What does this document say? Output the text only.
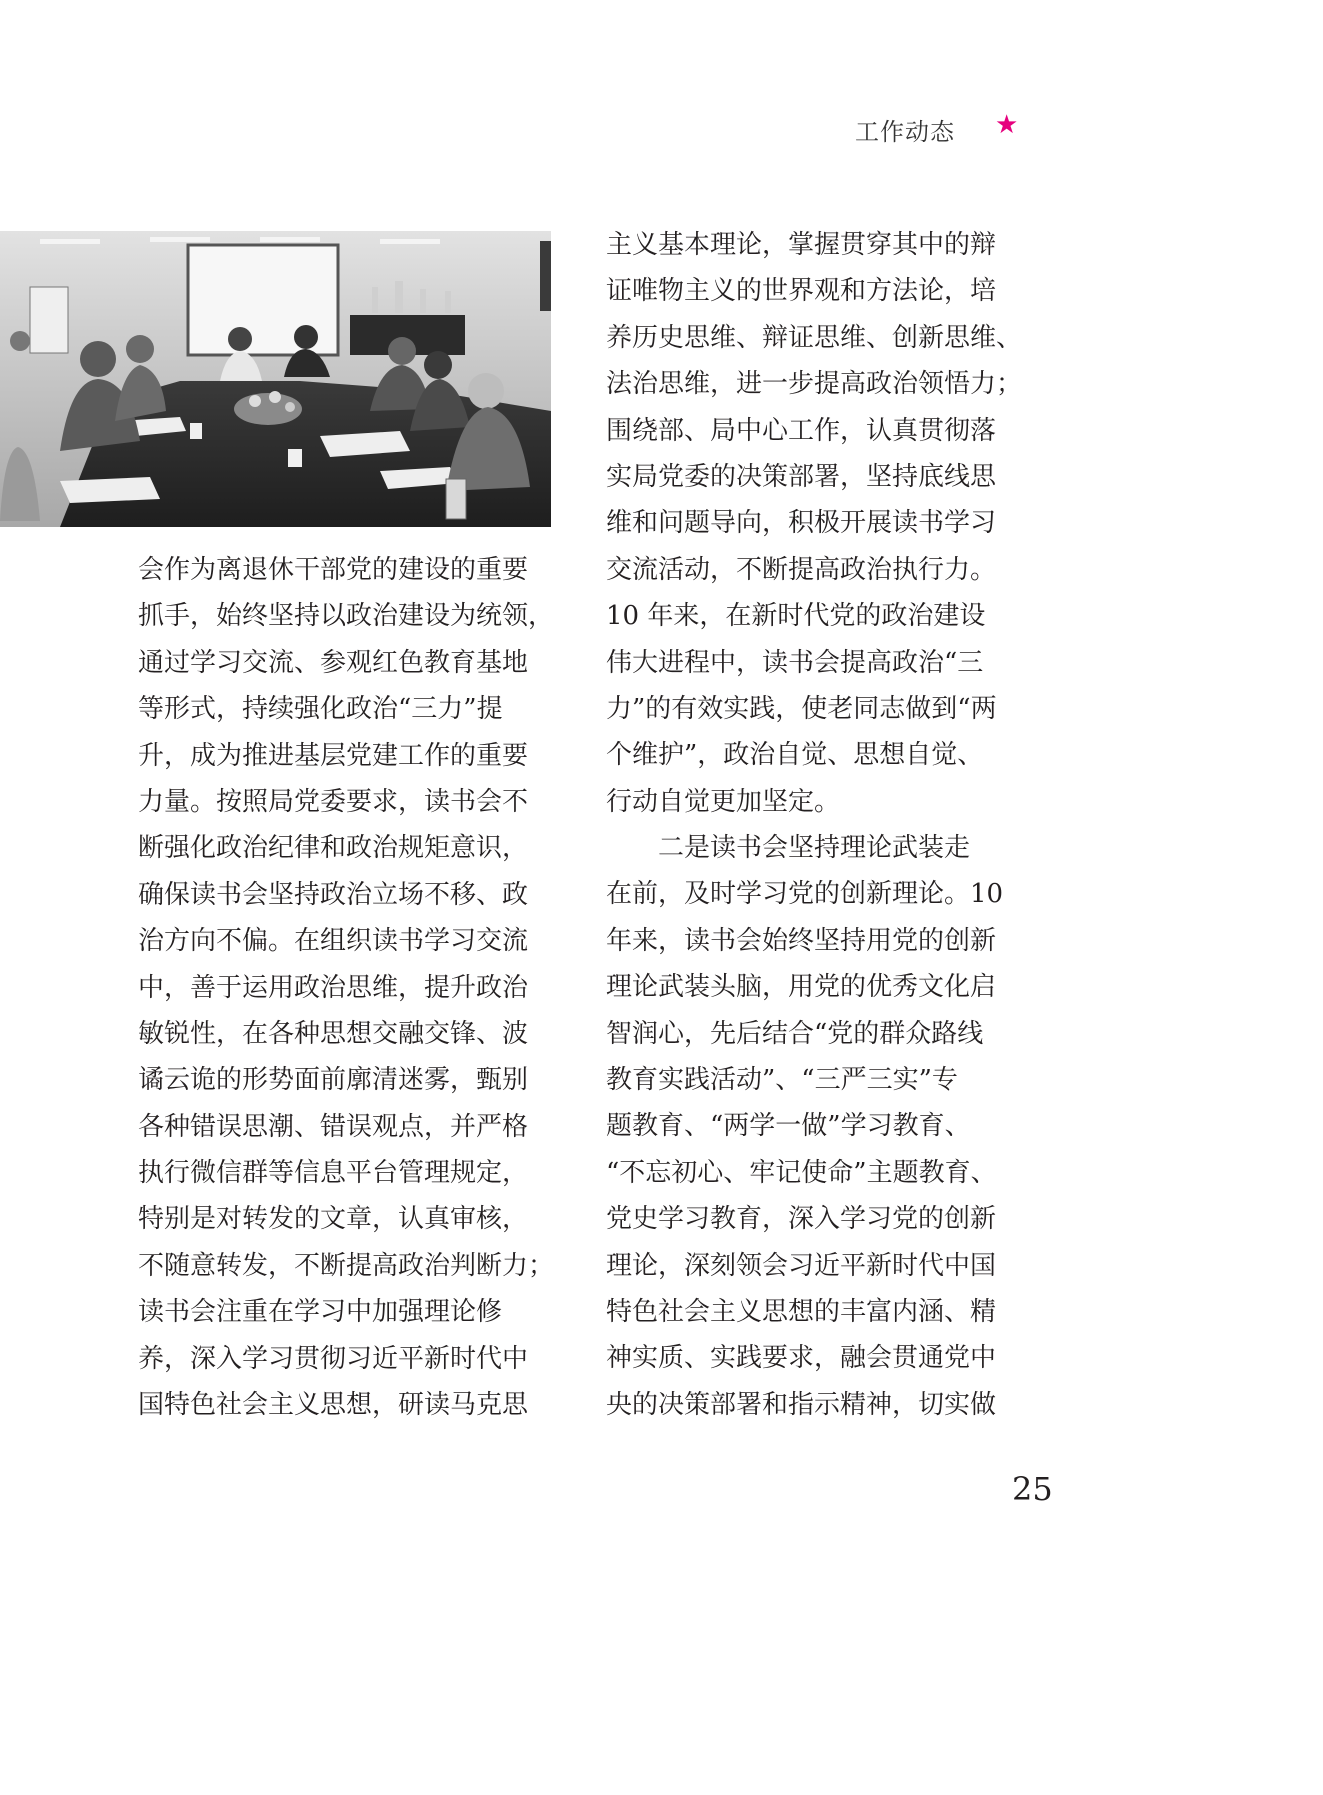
工作动态 ★
会作为离退休干部党的建设的重要
抓手，始终坚持以政治建设为统领，
通过学习交流、参观红色教育基地
等形式，持续强化政治“三力”提
升，成为推进基层党建工作的重要
力量。按照局党委要求，读书会不
断强化政治纪律和政治规矩意识，
确保读书会坚持政治立场不移、政
治方向不偏。在组织读书学习交流
中，善于运用政治思维，提升政治
敏锐性，在各种思想交融交锋、波
谲云诡的形势面前廓清迷雾，甄别
各种错误思潮、错误观点，并严格
执行微信群等信息平台管理规定，
特别是对转发的文章，认真审核，
不随意转发，不断提高政治判断力；
读书会注重在学习中加强理论修
养，深入学习贯彻习近平新时代中
国特色社会主义思想，研读马克思
主义基本理论，掌握贯穿其中的辩
证唯物主义的世界观和方法论，培
养历史思维、辩证思维、创新思维、
法治思维，进一步提高政治领悟力；
围绕部、局中心工作，认真贯彻落
实局党委的决策部署，坚持底线思
维和问题导向，积极开展读书学习
交流活动，不断提高政治执行力。
10 年来，在新时代党的政治建设
伟大进程中，读书会提高政治“三
力”的有效实践，使老同志做到“两
个维护”，政治自觉、思想自觉、
行动自觉更加坚定。
　　二是读书会坚持理论武装走
在前，及时学习党的创新理论。10
年来，读书会始终坚持用党的创新
理论武装头脑，用党的优秀文化启
智润心，先后结合“党的群众路线
教育实践活动”、“三严三实”专
题教育、“两学一做”学习教育、
“不忘初心、牢记使命”主题教育、
党史学习教育，深入学习党的创新
理论，深刻领会习近平新时代中国
特色社会主义思想的丰富内涵、精
神实质、实践要求，融会贯通党中
央的决策部署和指示精神，切实做
25
